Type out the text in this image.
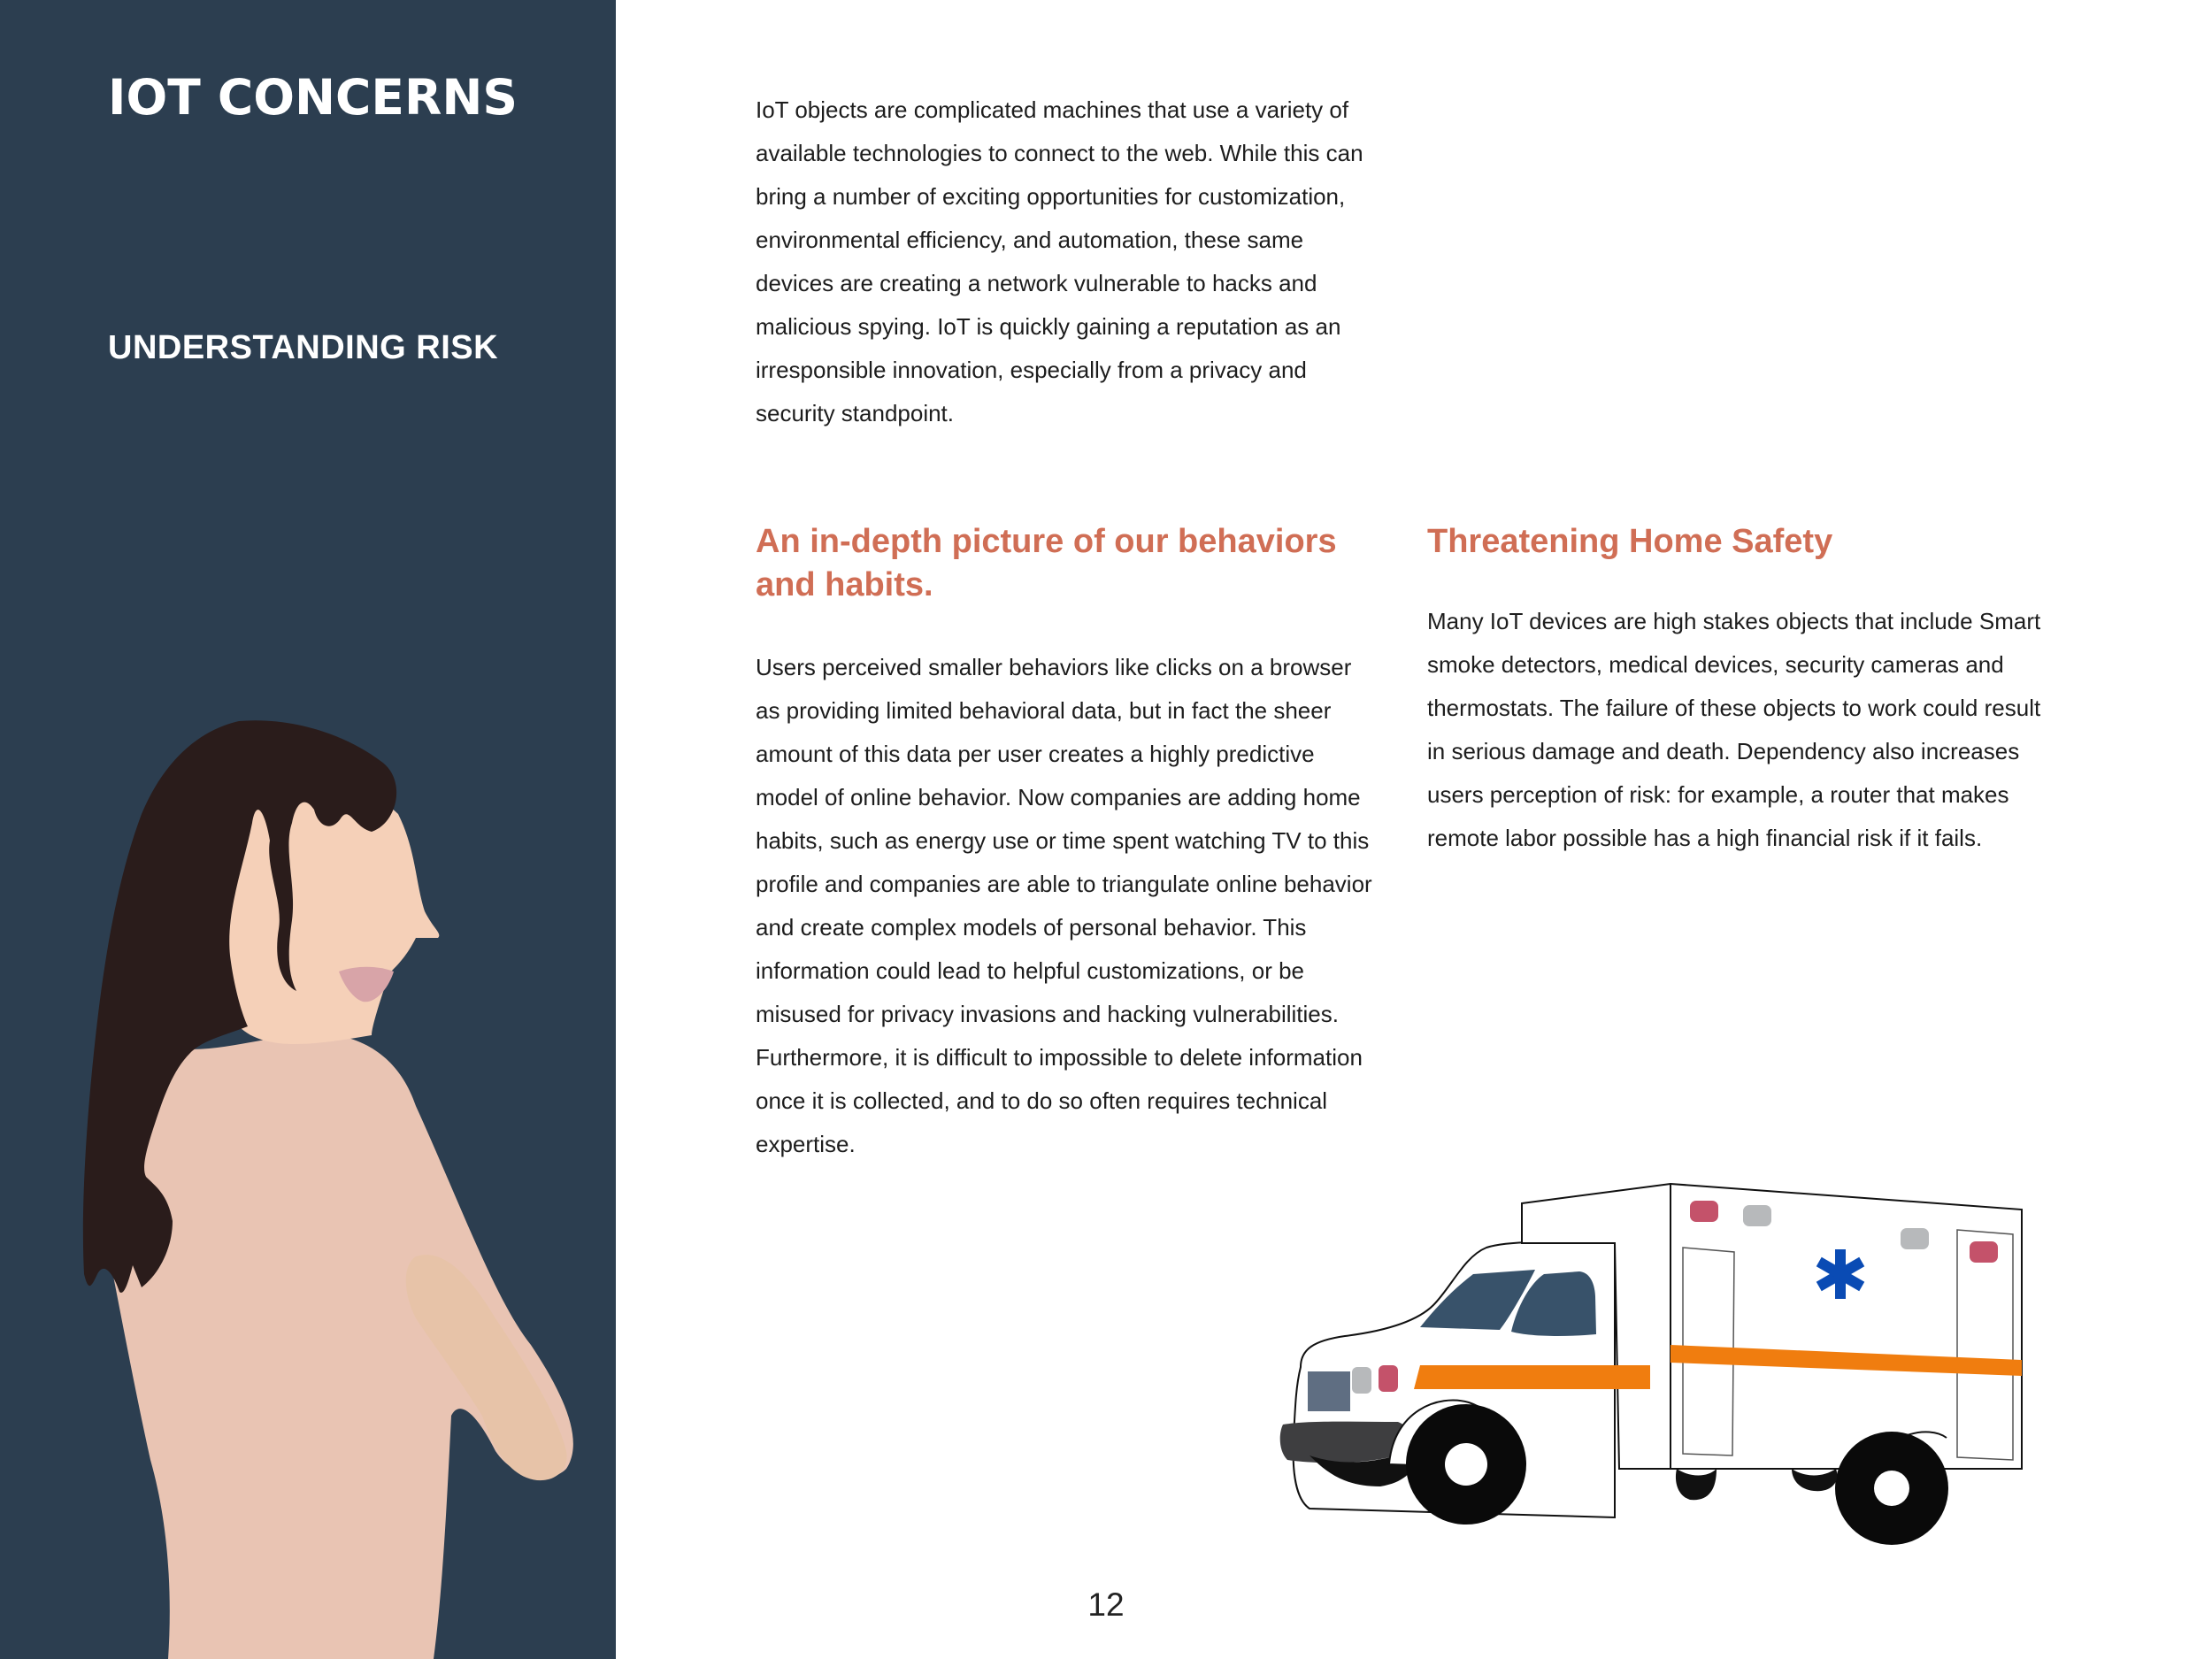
IOT CONCERNS
UNDERSTANDING RISK

IoT objects are complicated machines that use a variety of available technologies to connect to the web. While this can bring a number of exciting opportunities for customization, environmental efficiency, and automation, these same devices are creating a network vulnerable to hacks and malicious spying. IoT is quickly gaining a reputation as an irresponsible innovation, especially from a privacy and security standpoint.

An in-depth picture of our behaviors and habits.

Users perceived smaller behaviors like clicks on a browser as providing limited behavioral data, but in fact the sheer amount of this data per user creates a highly predictive model of online behavior. Now companies are adding home habits, such as energy use or time spent watching TV to this profile and companies are able to triangulate online behavior and create complex models of personal behavior. This information could lead to helpful customizations, or be misused for privacy invasions and hacking vulnerabilities. Furthermore, it is difficult to impossible to delete information once it is collected, and to do so often requires technical expertise.

Threatening Home Safety

Many IoT devices are high stakes objects that include Smart smoke detectors, medical devices, security cameras and thermostats. The failure of these objects to work could result in serious damage and death. Dependency also increases users perception of risk: for example, a router that makes remote labor possible has a high financial risk if it fails.

12
